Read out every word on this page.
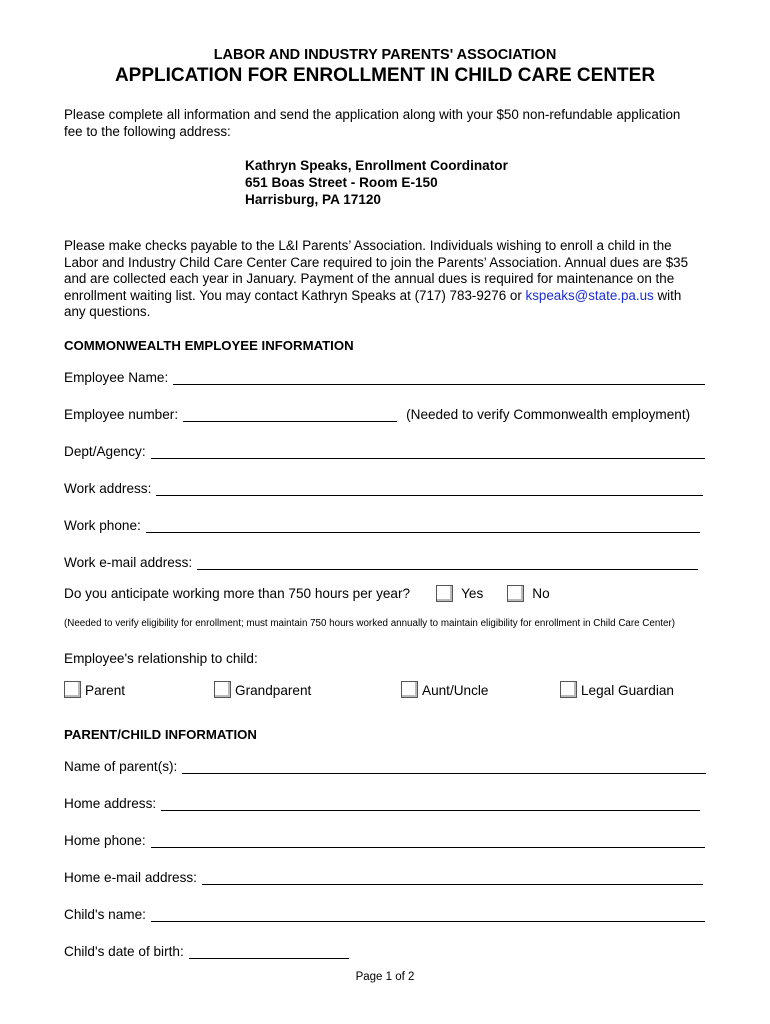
LABOR AND INDUSTRY PARENTS' ASSOCIATION
APPLICATION FOR ENROLLMENT IN CHILD CARE CENTER
Please complete all information and send the application along with your $50 non-refundable application
fee to the following address:
Kathryn Speaks, Enrollment Coordinator
651 Boas Street - Room E-150
Harrisburg, PA 17120
Please make checks payable to the L&I Parents’ Association. Individuals wishing to enroll a child in the
Labor and Industry Child Care Center Care required to join the Parents’ Association. Annual dues are $35
and are collected each year in January. Payment of the annual dues is required for maintenance on the
enrollment waiting list. You may contact Kathryn Speaks at (717) 783-9276 or kspeaks@state.pa.us with
any questions.
COMMONWEALTH EMPLOYEE INFORMATION
Employee Name:
Employee number:	(Needed to verify Commonwealth employment)
Dept/Agency:
Work address:
Work phone:
Work e-mail address:
Do you anticipate working more than 750 hours per year?	Yes	No
(Needed to verify eligibility for enrollment; must maintain 750 hours worked annually to maintain eligibility for enrollment in Child Care Center)
Employee's relationship to child:
Parent	Grandparent	Aunt/Uncle	Legal Guardian
PARENT/CHILD INFORMATION
Name of parent(s):
Home address:
Home phone:
Home e-mail address:
Child's name:
Child's date of birth:
Page 1 of 2
